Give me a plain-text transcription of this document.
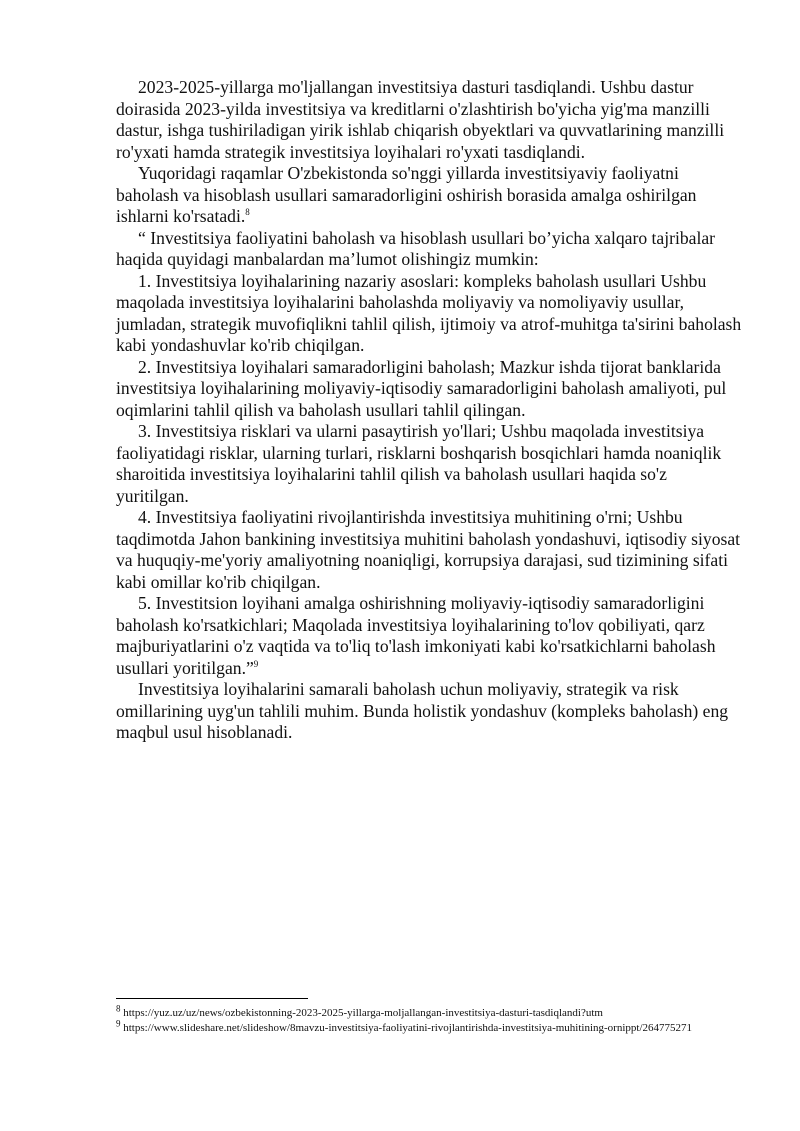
2023-2025-yillarga mo'ljallangan investitsiya dasturi tasdiqlandi. Ushbu dastur doirasida 2023-yilda investitsiya va kreditlarni o'zlashtirish bo'yicha yig'ma manzilli dastur, ishga tushiriladigan yirik ishlab chiqarish obyektlari va quvvatlarining manzilli ro'yxati hamda strategik investitsiya loyihalari ro'yxati tasdiqlandi.

Yuqoridagi raqamlar O'zbekistonda so'nggi yillarda investitsiyaviy faoliyatni baholash va hisoblash usullari samaradorligini oshirish borasida amalga oshirilgan ishlarni ko'rsatadi.$^8$

“ Investitsiya faoliyatini baholash va hisoblash usullari bo’yicha xalqaro tajribalar haqida quyidagi manbalardan ma’lumot olishingiz mumkin:

1. Investitsiya loyihalarining nazariy asoslari: kompleks baholash usullari Ushbu maqolada investitsiya loyihalarini baholashda moliyaviy va nomoliyaviy usullar, jumladan, strategik muvofiqlikni tahlil qilish, ijtimoiy va atrof-muhitga ta'sirini baholash kabi yondashuvlar ko'rib chiqilgan.

2. Investitsiya loyihalari samaradorligini baholash; Mazkur ishda tijorat banklarida investitsiya loyihalarining moliyaviy-iqtisodiy samaradorligini baholash amaliyoti, pul oqimlarini tahlil qilish va baholash usullari tahlil qilingan.

3. Investitsiya risklari va ularni pasaytirish yo'llari; Ushbu maqolada investitsiya faoliyatidagi risklar, ularning turlari, risklarni boshqarish bosqichlari hamda noaniqlik sharoitida investitsiya loyihalarini tahlil qilish va baholash usullari haqida so'z yuritilgan.

4. Investitsiya faoliyatini rivojlantirishda investitsiya muhitining o'rni; Ushbu taqdimotda Jahon bankining investitsiya muhitini baholash yondashuvi, iqtisodiy siyosat va huquqiy-me'yoriy amaliyotning noaniqligi, korrupsiya darajasi, sud tizimining sifati kabi omillar ko'rib chiqilgan.

5. Investitsion loyihani amalga oshirishning moliyaviy-iqtisodiy samaradorligini baholash ko'rsatkichlari; Maqolada investitsiya loyihalarining to'lov qobiliyati, qarz majburiyatlarini o'z vaqtida va to'liq to'lash imkoniyati kabi ko'rsatkichlarni baholash usullari yoritilgan.”$^9$

Investitsiya loyihalarini samarali baholash uchun moliyaviy, strategik va risk omillarining uyg'un tahlili muhim. Bunda holistik yondashuv (kompleks baholash) eng maqbul usul hisoblanadi.

$^8$ https://yuz.uz/uz/news/ozbekistonning-2023-2025-yillarga-moljallangan-investitsiya-dasturi-tasdiqlandi?utm

$^9$ https://www.slideshare.net/slideshow/8mavzu-investitsiya-faoliyatini-rivojlantirishda-investitsiya-muhitining-ornippt/264775271
